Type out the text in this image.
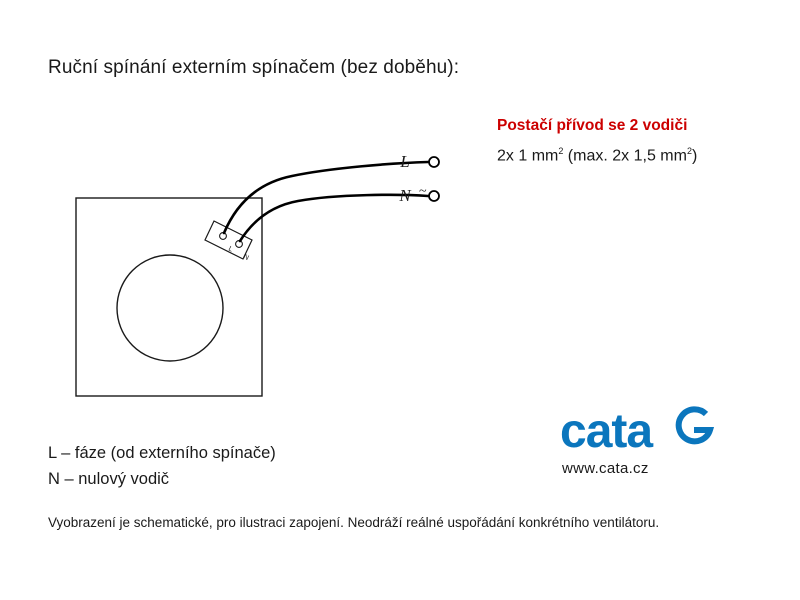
Ruční spínání externím spínačem (bez doběhu):
Postačí přívod se 2 vodiči
2x 1 $mm^2$ (max. 2x 1,5 $mm^2$)
L
N
L
N ~
L – fáze (od externího spínače)
N – nulový vodič
cata
www.cata.cz
Vyobrazení je schematické, pro ilustraci zapojení. Neodráží reálné uspořádání konkrétního ventilátoru.
